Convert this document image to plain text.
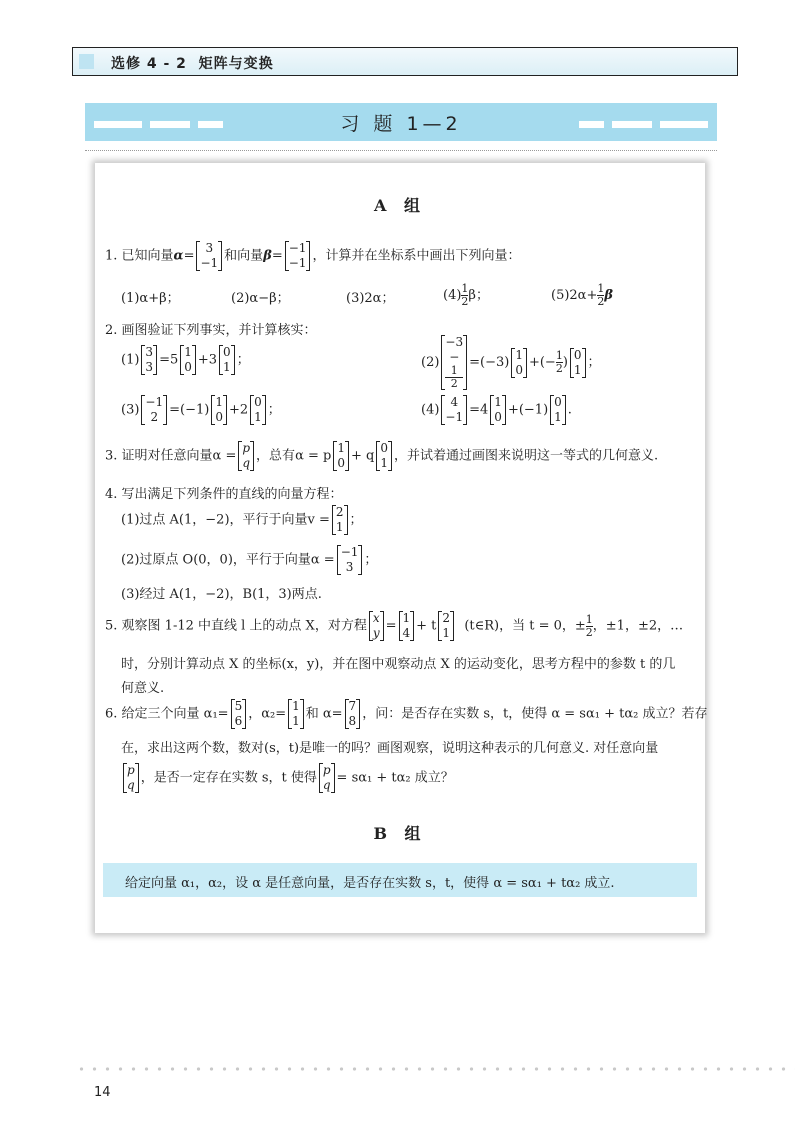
选修 4 - 2 矩阵与变换
习 题 1—2
A 组
1. 已知向量α=
3
−1 和向量β=
−1
−1 ，计算并在坐标系中画出下列向量：
(1)α+β；	(2)α−β；	(3)2α；	$(4) \frac{1}{2}$ β；	$(5)2\alpha+ \frac{1}{2}$ β
2. 画图验证下列事实，并计算核实：
(1)
3
3 =5
1
0 +3
0
1 ；	(2)
−3
−
1
2
=(−3)
1
0 +(− $\frac{1}{2}$ )
0
1 ；
(3)
−1
2 =(−1)
1
0 +2
0
1 ；	(4)
4
−1 =4
1
0 +(−1)
0
1 .
3. 证明对任意向量α =
p
q ，总有α = p
1
0 + q
0
1 ，并试着通过画图来说明这一等式的几何意义.
4. 写出满足下列条件的直线的向量方程：
(1)过点 A(1，−2)，平行于向量v =
2
1 ；
(2)过原点 O(0，0)，平行于向量α =
−1
3 ；
(3)经过 A(1，−2)，B(1，3)两点.
5. 观察图 1-12 中直线 l 上的动点 X，对方程
x
y =
1
4 + t
2
1 (t∈R)，当 t = 0，± $\frac{1}{2}$ ，±1，±2，…
时，分别计算动点 X 的坐标(x，y)，并在图中观察动点 X 的运动变化，思考方程中的参数 t 的几
何意义.
6. 给定三个向量 α₁=
5
6 ，α₂=
1
1 和 α=
7
8 ，问：是否存在实数 s，t，使得 α = sα₁ + tα₂ 成立？若存
在，求出这两个数，数对(s，t)是唯一的吗？画图观察，说明这种表示的几何意义. 对任意向量
p
q ，是否一定存在实数 s，t 使得
p
q = sα₁ + tα₂ 成立？
B 组
给定向量 α₁，α₂，设 α 是任意向量，是否存在实数 s，t，使得 α = sα₁ + tα₂ 成立.
14
